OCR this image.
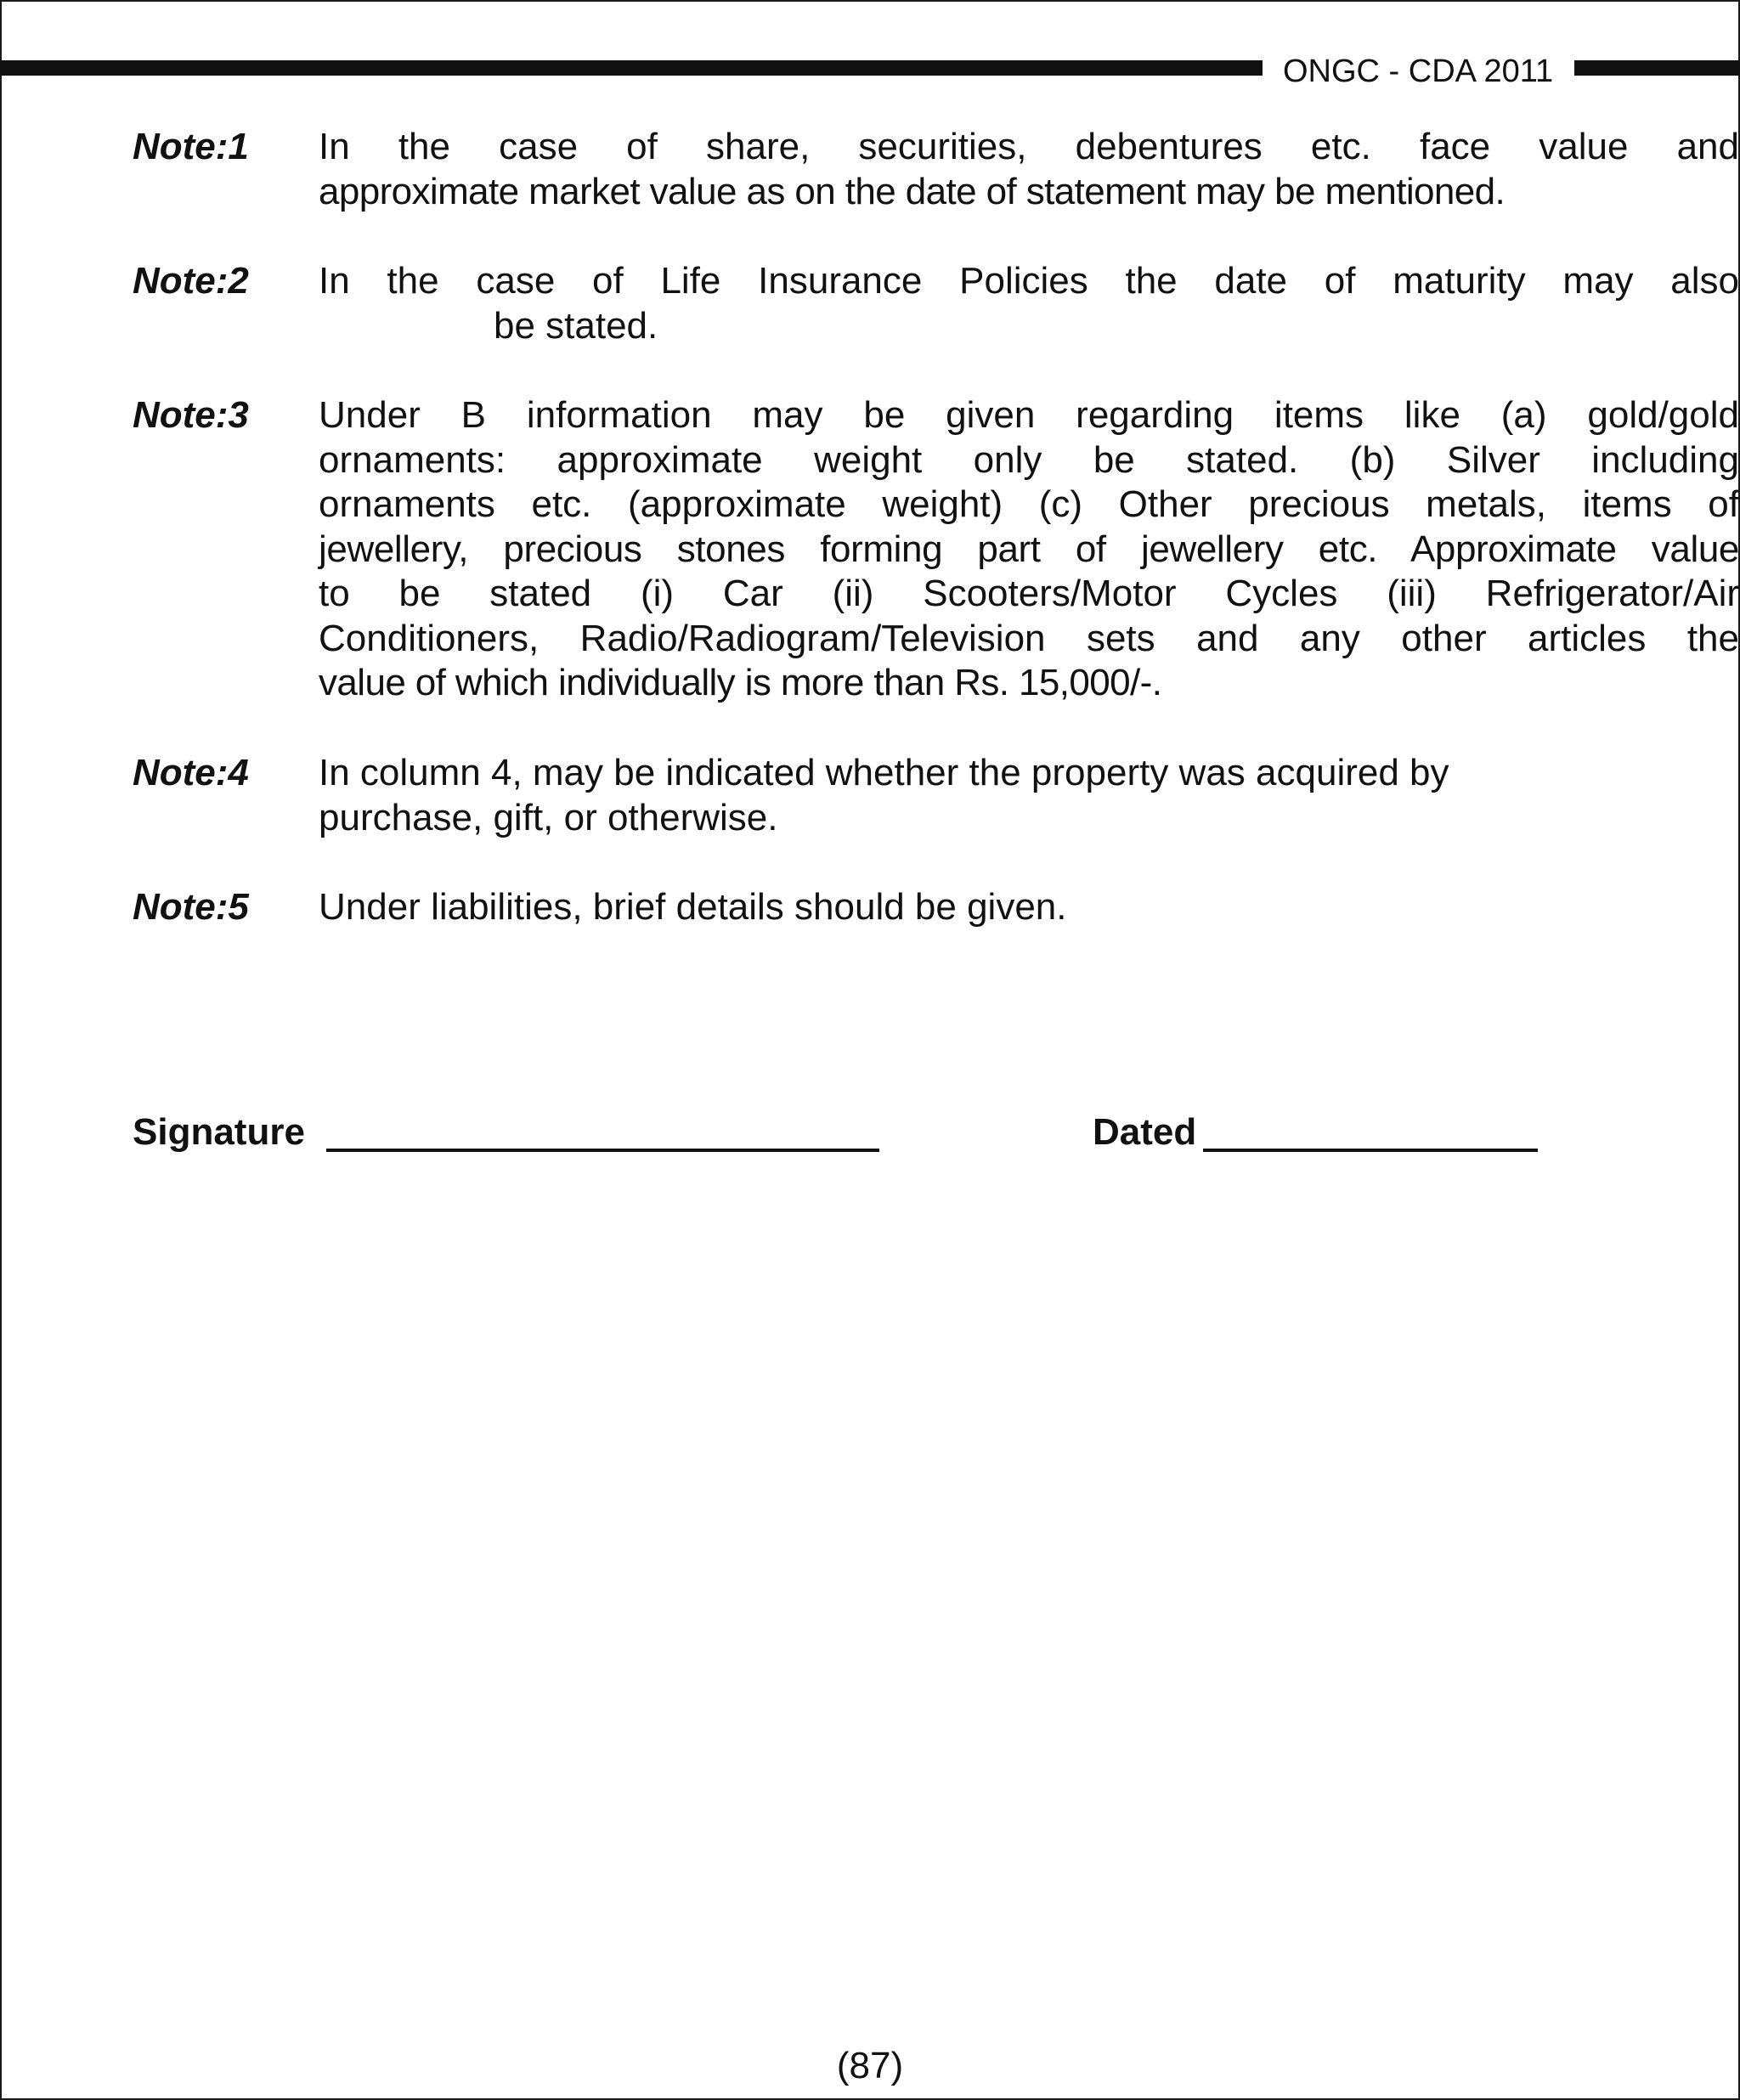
ONGC - CDA 2011
Note:1 In the case of share, securities, debentures etc. face value and
approximate market value as on the date of statement may be mentioned.
Note:2 In the case of Life Insurance Policies the date of maturity may also
be stated.
Note:3 Under B information may be given regarding items like (a) gold/gold
ornaments: approximate weight only be stated. (b) Silver including
ornaments etc. (approximate weight) (c) Other precious metals, items of
jewellery, precious stones forming part of jewellery etc. Approximate value
to be stated (i) Car (ii) Scooters/Motor Cycles (iii) Refrigerator/Air
Conditioners, Radio/Radiogram/Television sets and any other articles the
value of which individually is more than Rs. 15,000/-.
Note:4 In column 4, may be indicated whether the property was acquired by
purchase, gift, or otherwise.
Note:5 Under liabilities, brief details should be given.
Signature	Dated
(87)
